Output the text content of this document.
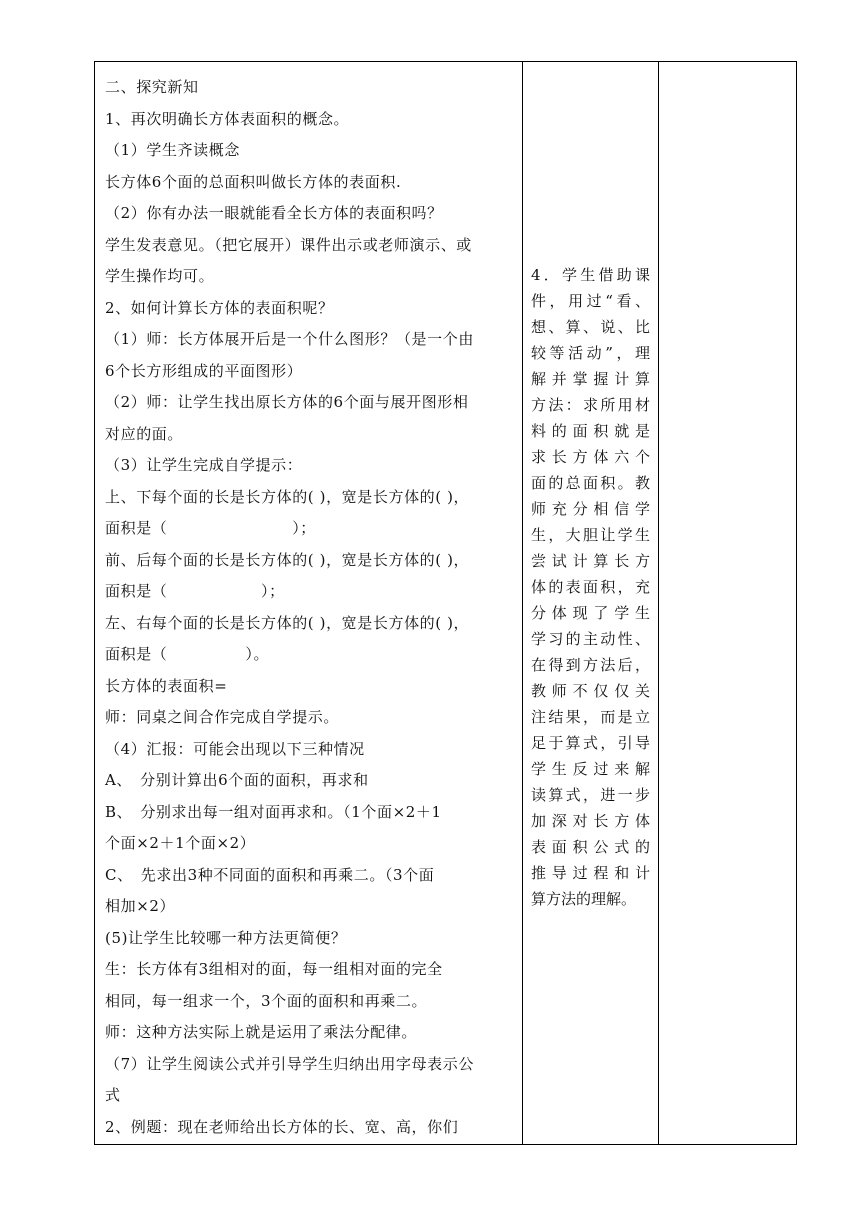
二、探究新知
1、再次明确长方体表面积的概念。
（1）学生齐读概念
长方体6个面的总面积叫做长方体的表面积.
（2）你有办法一眼就能看全长方体的表面积吗？
学生发表意见。（把它展开）课件出示或老师演示、或
学生操作均可。
2、如何计算长方体的表面积呢？
（1）师：长方体展开后是一个什么图形？（是一个由
6个长方形组成的平面图形）
（2）师：让学生找出原长方体的6个面与展开图形相
对应的面。
（3）让学生完成自学提示：
上、下每个面的长是长方体的( )，宽是长方体的( )，
面积是（　　　　　　　　）；
前、后每个面的长是长方体的( )，宽是长方体的( )，
面积是（　　　　　　）；
左、右每个面的长是长方体的( )，宽是长方体的( )，
面积是（　　　　　）。
长方体的表面积=
师：同桌之间合作完成自学提示。
（4）汇报：可能会出现以下三种情况
A、　分别计算出6个面的面积，再求和
B、　分别求出每一组对面再求和。（1个面×2＋1
个面×2＋1个面×2）
C、　先求出3种不同面的面积和再乘二。（3个面
相加×2）
(5)让学生比较哪一种方法更简便？
生：长方体有3组相对的面，每一组相对面的完全
相同，每一组求一个，3个面的面积和再乘二。
师：这种方法实际上就是运用了乘法分配律。
（7）让学生阅读公式并引导学生归纳出用字母表示公
式
2、例题：现在老师给出长方体的长、宽、高，你们

4．学生借助课
件，用过“看、
想、算、说、比
较等活动”，理
解并掌握计算
方法：求所用材
料的面积就是
求长方体六个
面的总面积。教
师充分相信学
生，大胆让学生
尝试计算长方
体的表面积，充
分体现了学生
学习的主动性、
在得到方法后，
教师不仅仅关
注结果，而是立
足于算式，引导
学生反过来解
读算式，进一步
加深对长方体
表面积公式的
推导过程和计
算方法的理解。
